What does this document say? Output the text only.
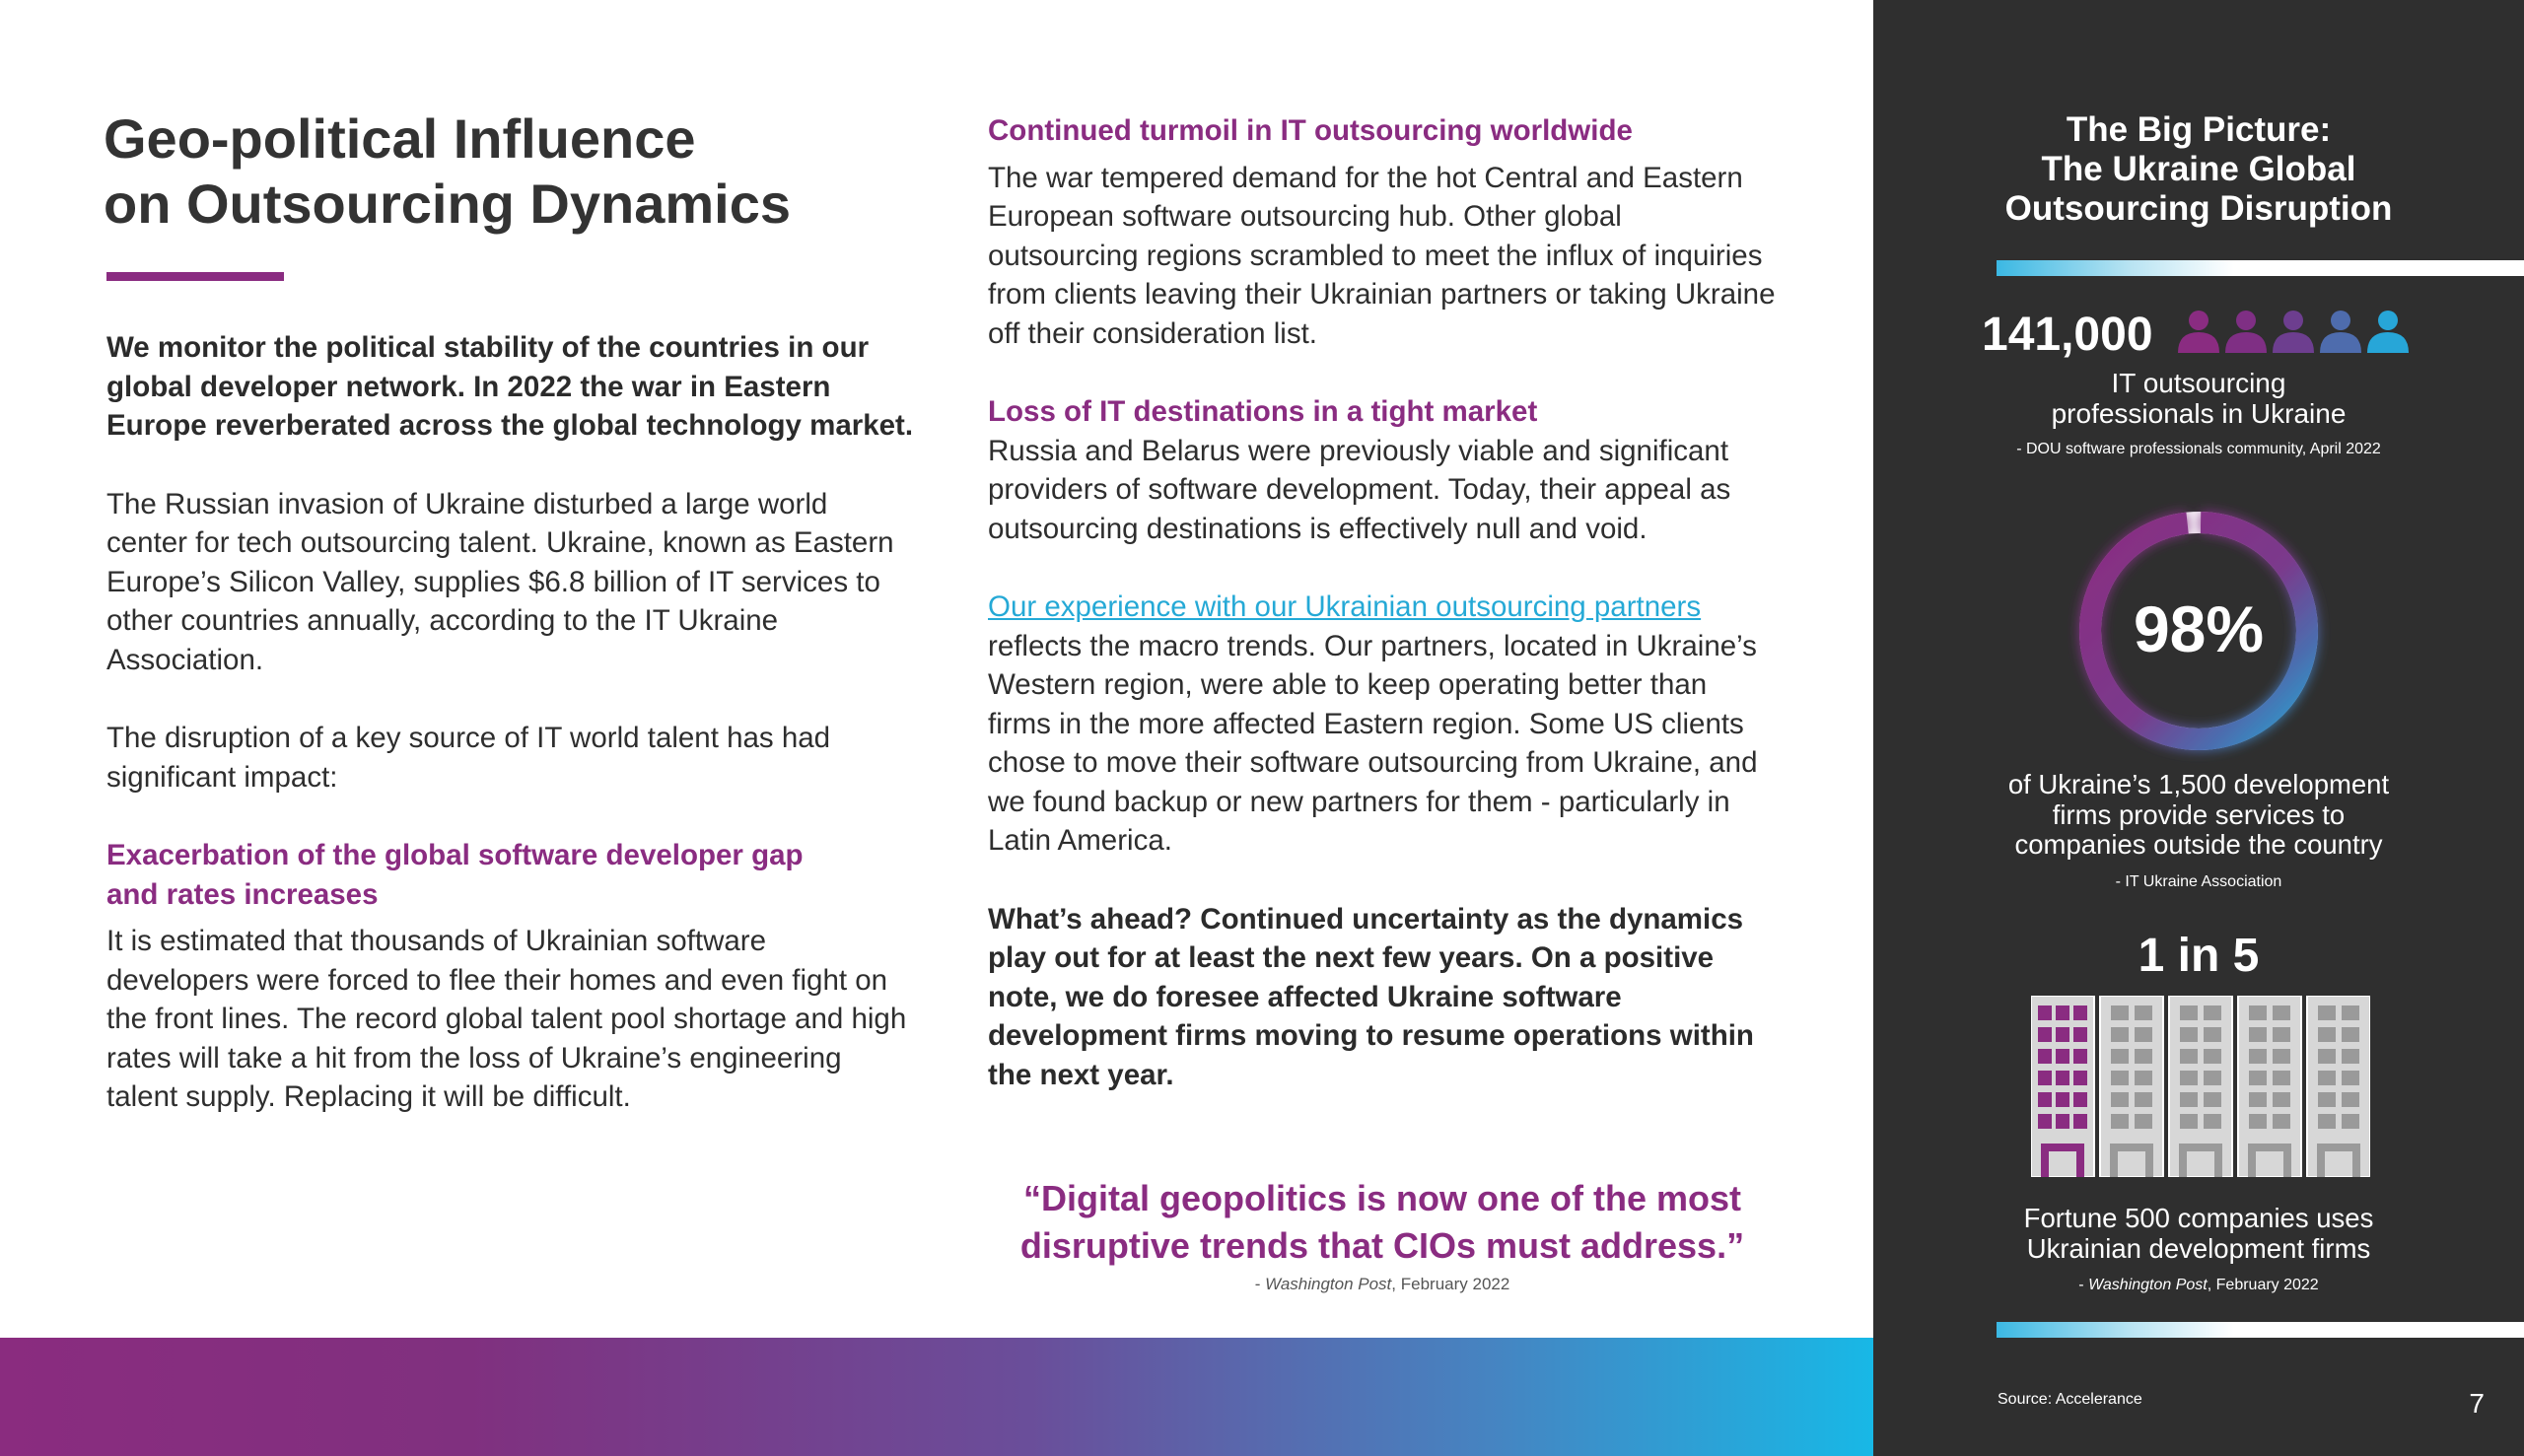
Geo-political Influence
on Outsourcing Dynamics

We monitor the political stability of the countries in our global developer network. In 2022 the war in Eastern Europe reverberated across the global technology market.

The Russian invasion of Ukraine disturbed a large world center for tech outsourcing talent. Ukraine, known as Eastern Europe’s Silicon Valley, supplies $6.8 billion of IT services to other countries annually, according to the IT Ukraine Association.

The disruption of a key source of IT world talent has had significant impact:

Exacerbation of the global software developer gap
and rates increases

It is estimated that thousands of Ukrainian software developers were forced to flee their homes and even fight on the front lines. The record global talent pool shortage and high rates will take a hit from the loss of Ukraine’s engineering talent supply. Replacing it will be difficult.

Continued turmoil in IT outsourcing worldwide

The war tempered demand for the hot Central and Eastern European software outsourcing hub. Other global outsourcing regions scrambled to meet the influx of inquiries from clients leaving their Ukrainian partners or taking Ukraine off their consideration list.

Loss of IT destinations in a tight market

Russia and Belarus were previously viable and significant providers of software development. Today, their appeal as outsourcing destinations is effectively null and void.

Our experience with our Ukrainian outsourcing partners
reflects the macro trends. Our partners, located in Ukraine’s Western region, were able to keep operating better than firms in the more affected Eastern region. Some US clients chose to move their software outsourcing from Ukraine, and we found backup or new partners for them - particularly in Latin America.

What’s ahead? Continued uncertainty as the dynamics play out for at least the next few years. On a positive note, we do foresee affected Ukraine software development firms moving to resume operations within the next year.

“Digital geopolitics is now one of the most
disruptive trends that CIOs must address.”

- Washington Post, February 2022
The Big Picture:
The Ukraine Global
Outsourcing Disruption
141,000

IT outsourcing
professionals in Ukraine

- DOU software professionals community, April 2022
98%

of Ukraine’s 1,500 development
firms provide services to
companies outside the country

- IT Ukraine Association
1 in 5

Fortune 500 companies uses
Ukrainian development firms

- Washington Post, February 2022
Source: Accelerance	7
